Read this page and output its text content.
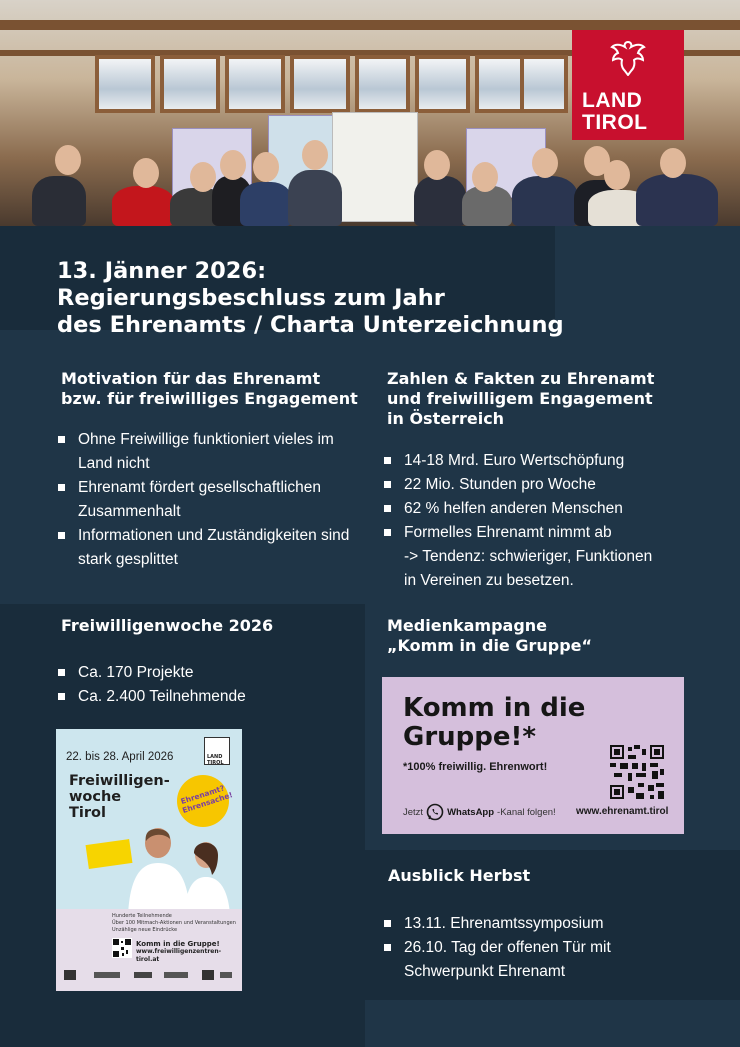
LAND
TIROL
13. Jänner 2026:
Regierungsbeschluss zum Jahr
des Ehrenamts / Charta Unterzeichnung
Motivation für das Ehrenamt
bzw. für freiwilliges Engagement
Ohne Freiwillige funktioniert vieles im
Land nicht
Ehrenamt fördert gesellschaftlichen
Zusammenhalt
Informationen und Zuständigkeiten sind
stark gesplittet
Zahlen & Fakten zu Ehrenamt
und freiwilligem Engagement
in Österreich
14-18 Mrd. Euro Wertschöpfung
22 Mio. Stunden pro Woche
62 % helfen anderen Menschen
Formelles Ehrenamt nimmt ab
-> Tendenz: schwieriger, Funktionen
in Vereinen zu besetzen.
Freiwilligenwoche 2026
Ca. 170 Projekte
Ca. 2.400 Teilnehmende
LAND TIROL
22. bis 28. April 2026
Freiwilligen-
woche
Tirol
Ehrenamt? Ehrensache!
Hunderte Teilnehmende
Über 100 Mitmach-Aktionen und Veranstaltungen
Unzählige neue Eindrücke
Komm in die Gruppe!
www.freiwilligenzentren-tirol.at
Medienkampagne
„Komm in die Gruppe“
Komm in die
Gruppe!*
*100% freiwillig. Ehrenwort!
Jetzt	WhatsApp -Kanal folgen! www.ehrenamt.tirol
Ausblick Herbst
13.11. Ehrenamtssymposium
26.10. Tag der offenen Tür mit
Schwerpunkt Ehrenamt
